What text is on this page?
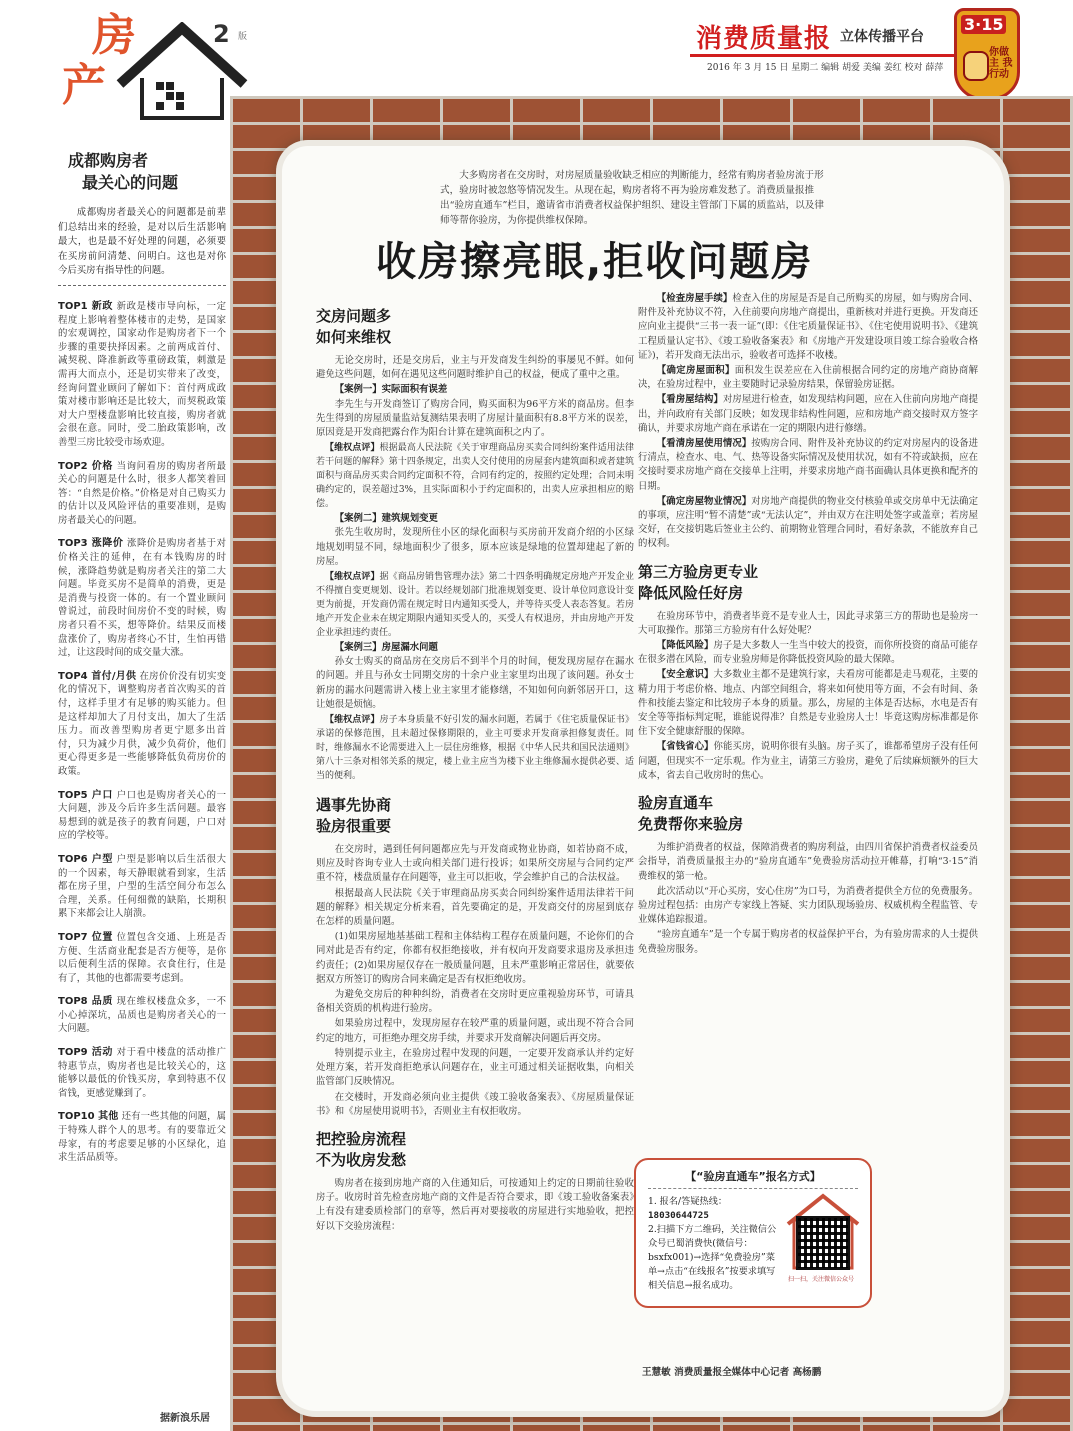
房
产
2 版	消费质量报 立体传播平台
2016 年 3 月 15 日 星期二 编辑 胡爱 美编 姜红 校对 薛萍
3·15
你做主 我行动
成都购房者
最关心的问题

成都购房者最关心的问题都是前辈们总结出来的经验，是对以后生活影响最大，也是最不好处理的问题，必须要在买房前问清楚、问明白。这也是对你今后买房有指导性的问题。

TOP1 新政 新政是楼市导向标，一定程度上影响着整体楼市的走势，是国家的宏观调控，国家动作是购房者下一个步骤的重要抉择因素。之前两成首付、减契税、降准新政等重磅政策，刺激是需再大而点小，还是切实带来了改变，经询问置业顾问了解如下：首付两成政策对楼市影响还是比较大，而契税政策对大户型楼盘影响比较直接，购房者就会很在意。同时，受二胎政策影响，改善型三房比较受市场欢迎。

TOP2 价格 当询问看房的购房者所最关心的问题是什么时，很多人都笑着回答：“自然是价格。”价格是对自己购买力的估计以及风险评估的重要准则，是购房者最关心的问题。

TOP3 涨降价 涨降价是购房者基于对价格关注的延伸，在有本钱购房的时候，涨降趋势就是购房者关注的第二大问题。毕竟买房不是简单的消费，更是是消费与投资一体的。有一个置业顾问曾说过，前段时间房价不变的时候，购房者只看不买，想等降价。结果反而楼盘涨价了，购房者终心不甘，生怕再错过，让这段时间的成交量大涨。

TOP4 首付/月供 在房价价没有切实变化的情况下，调整购房者首次购买的首付，这样手里才有足够的购买能力。但是这样却加大了月付支出，加大了生活压力。而改善型购房者更宁愿多出首付，只为减少月供，减少负荷价，他们更心得更多是一些能够降低负荷房价的政策。

TOP5 户口 户口也是购房者关心的一大问题，涉及今后许多生活问题。最容易想到的就是孩子的教育问题，户口对应的学校等。

TOP6 户型 户型是影响以后生活很大的一个因素，每天静眼就看到家，生活都在房子里，户型的生活空间分布怎么合理，关系。任何细微的缺陷，长期积累下来都会让人崩溃。

TOP7 位置 位置包含交通、上班是否方便、生活商业配套是否方便等，是你以后便利生活的保障。衣食住行，住是有了，其他的也都需要考虑到。

TOP8 品质 现在维权楼盘众多，一不小心掉深坑，品质也是购房者关心的一大问题。

TOP9 活动 对于看中楼盘的活动推广特惠节点，购房者也是比较关心的，这能够以最低的价钱买房，拿到特惠不仅省钱，更感觉赚到了。

TOP10 其他 还有一些其他的问题，属于特殊人群个人的思考。有的要靠近父母家，有的考虑要足够的小区绿化，追求生活品质等。

据新浪乐居

大多购房者在交房时，对房屋质量验收缺乏相应的判断能力，经常有购房者验房流于形式，验房时被忽悠等情况发生。从现在起，购房者将不再为验房难发愁了。消费质量报推出“验房直通车”栏目，邀请省市消费者权益保护组织、建设主管部门下属的质监站，以及律师等帮你验房，为你提供维权保障。

收房擦亮眼,拒收问题房
交房问题多
如何来维权

无论交房时，还是交房后，业主与开发商发生纠纷的事屡见不鲜。如何避免这些问题，如何在遇见这些问题时维护自己的权益，便成了重中之重。

【案例一】实际面积有误差

李先生与开发商签订了购房合同，购买面积为96平方米的商品房。但李先生得到的房屋质量监站复测结果表明了房屋计量面积有8.8平方米的误差，原因竟是开发商把露台作为阳台计算在建筑面积之内了。

【维权点评】根据最高人民法院《关于审理商品房买卖合同纠纷案件适用法律若干问题的解释》第十四条规定，出卖人交付使用的房屋套内建筑面积或者建筑面积与商品房买卖合同约定面积不符，合同有约定的，按照约定处理；合同未明确约定的，误差超过3%，且实际面积小于约定面积的，出卖人应承担相应的赔偿。

【案例二】建筑规划变更

张先生收房时，发现所住小区的绿化面积与买房前开发商介绍的小区绿地规划明显不同，绿地面积少了很多，原本应该是绿地的位置却建起了新的房屋。

【维权点评】据《商品房销售管理办法》第二十四条明确规定房地产开发企业不得擅自变更规划、设计。若以经规划部门批准规划变更、设计单位同意设计变更为前提，开发商仍需在规定时日内通知买受人，并等待买受人表态答复。若房地产开发企业未在规定期限内通知买受人的，买受人有权退房，并由房地产开发企业承担违约责任。

【案例三】房屋漏水问题

孙女士购买的商品房在交房后不到半个月的时间，便发现房屋存在漏水的问题。并且与孙女士同期交房的十余户业主家里均出现了该问题。孙女士新房的漏水问题需讲入楼上业主家里才能修缮，不知如何向新邻居开口，这让她很是烦恼。

【维权点评】房子本身质量不好引发的漏水问题，若属于《住宅质量保证书》承诺的保修范围，且未超过保修期限的，业主可要求开发商承担修复责任。同时，维修漏水不论需要进入上一层住房维修，根据《中华人民共和国民法通则》第八十三条对相邻关系的规定，楼上业主应当为楼下业主维修漏水提供必要、适当的便利。

遇事先协商
验房很重要

在交房时，遇到任何问题都应先与开发商或物业协商，如若协商不成，则应及时咨询专业人士或向相关部门进行投诉；如果所交房屋与合同约定严重不符，楼盘质量存在问题等，业主可以拒收，学会维护自己的合法权益。

根据最高人民法院《关于审理商品房买卖合同纠纷案件适用法律若干问题的解释》相关规定分析来看，首先要确定的是，开发商交付的房屋到底存在怎样的质量问题。

(1)如果房屋地基基础工程和主体结构工程存在质量问题，不论你们的合同对此是否有约定，你都有权拒绝接收，并有权向开发商要求退房及承担违约责任；(2)如果房屋仅存在一般质量问题，且未严重影响正常居住，就要依据双方所签订的购房合同来确定是否有权拒绝收房。

为避免交房后的种种纠纷，消费者在交房时更应重视验房环节，可请具备相关资质的机构进行验房。

如果验房过程中，发现房屋存在较严重的质量问题，或出现不符合合同约定的地方，可拒绝办理交房手续，并要求开发商解决问题后再交房。

特别提示业主，在验房过程中发现的问题，一定要开发商承认并约定好处理方案，若开发商拒绝承认问题存在，业主可通过相关证据收集，向相关监管部门反映情况。

在交楼时，开发商必须向业主提供《竣工验收备案表》、《房屋质量保证书》和《房屋使用说明书》，否则业主有权拒收房。

把控验房流程
不为收房发愁

购房者在接到房地产商的入住通知后，可按通知上约定的日期前往验收房子。收房时首先检查房地产商的文件是否符合要求，即《竣工验收备案表》上有没有建委质检部门的章等，然后再对要接收的房屋进行实地验收，把控好以下交验房流程：

【检查房屋手续】检查入住的房屋是否是自己所购买的房屋，如与购房合同、附件及补充协议不符，入住前要向房地产商提出，重新核对并进行更换。开发商还应向业主提供“三书一表一证”(即：《住宅质量保证书》、《住宅使用说明书》、《建筑工程质量认定书》、《竣工验收备案表》和《房地产开发建设项目竣工综合验收合格证》)，若开发商无法出示，验收者可选择不收楼。

【确定房屋面积】面积发生误差应在入住前根据合同约定的房地产商协商解决，在验房过程中，业主要随时记录验房结果，保留验房证据。

【看房屋结构】对房屋进行检查，如发现结构问题，应在入住前向房地产商提出，并向政府有关部门反映；如发现非结构性问题，应和房地产商交接时双方签字确认，并要求房地产商在承诺在一定的期限内进行修缮。

【看清房屋使用情况】按购房合同、附件及补充协议的约定对房屋内的设备进行清点，检查水、电、气、热等设备实际情况及使用状况，如有不符或缺损，应在交接时要求房地产商在交接单上注明，并要求房地产商书面确认具体更换和配齐的日期。

【确定房屋物业情况】对房地产商提供的物业交付核验单或交房单中无法确定的事项，应注明“暂不清楚”或“无法认定”，并由双方在注明处签字或盖章；若房屋交好，在交接钥匙后签业主公约、前期物业管理合同时，看好条款，不能放弃自己的权利。

第三方验房更专业
降低风险任好房

在验房环节中，消费者毕竟不是专业人士，因此寻求第三方的帮助也是验房一大可取操作。那第三方验房有什么好处呢？

【降低风险】房子是大多数人一生当中较大的投资，而你所投资的商品可能存在很多潜在风险，而专业验房师是你降低投资风险的最大保障。

【安全意识】大多数业主都不是建筑行家，夫看房可能都是走马观花，主要的精力用于考虑价格、地点、内部空间组合，将来如何使用等方面，不会有时间、条件和技能去鉴定和比较房子本身的质量。那么，房屋的主体是否达标，水电是否有安全等等指标判定呢，谁能说得准？自然是专业验房人士！毕竟这购房标准都是你住下安全健康舒服的保障。

【省钱省心】你能买房，说明你很有头脑。房子买了，谁都希望房子没有任何问题，但现实不一定乐观。作为业主，请第三方验房，避免了后续麻烦额外的巨大成本，省去自己收房时的焦心。

验房直通车
免费帮你来验房

为维护消费者的权益，保障消费者的购房利益，由四川省保护消费者权益委员会指导，消费质量报主办的“验房直通车”免费验房活动拉开帷幕，打响“3·15”消费维权的第一枪。

此次活动以“开心买房，安心住房”为口号，为消费者提供全方位的免费服务。验房过程包括：由房产专家线上答疑、实力团队现场验房、权威机构全程监管、专业媒体追踪报道。

“验房直通车”是一个专属于购房者的权益保护平台，为有验房需求的人士提供免费验房服务。

【“验房直通车”报名方式】
1. 报名/答疑热线：
18030644725
2.扫描下方二维码，关注微信公众号已蜀消费快(微信号：bsxfx001)→选择“免费验房”菜单→点击“在线报名”按要求填写相关信息→报名成功。
扫一扫，关注微信公众号
王慧敏 消费质量报全媒体中心记者 高杨鹏
